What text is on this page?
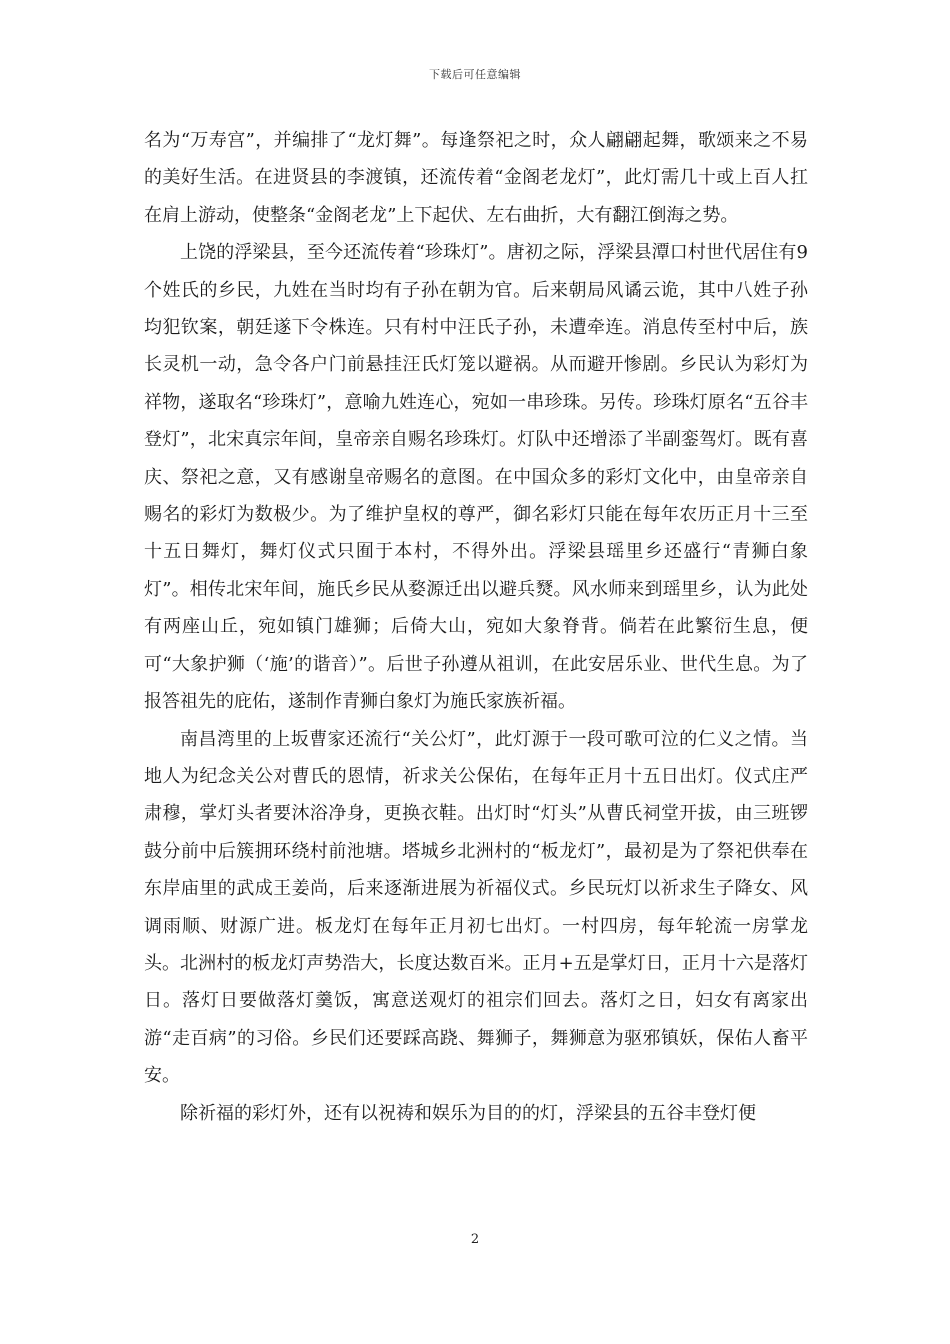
下载后可任意编辑

名为“万寿宫”，并编排了“龙灯舞”。每逢祭祀之时，众人翩翩起舞，歌颂来之不易的美好生活。在进贤县的李渡镇，还流传着“金阁老龙灯”，此灯需几十或上百人扛在肩上游动，使整条“金阁老龙”上下起伏、左右曲折，大有翻江倒海之势。

上饶的浮梁县，至今还流传着“珍珠灯”。唐初之际，浮梁县潭口村世代居住有9个姓氏的乡民，九姓在当时均有子孙在朝为官。后来朝局风谲云诡，其中八姓子孙均犯钦案，朝廷遂下令株连。只有村中汪氏子孙，未遭牵连。消息传至村中后，族长灵机一动，急令各户门前悬挂汪氏灯笼以避祸。从而避开惨剧。乡民认为彩灯为祥物，遂取名“珍珠灯”，意喻九姓连心，宛如一串珍珠。另传。珍珠灯原名“五谷丰登灯”，北宋真宗年间，皇帝亲自赐名珍珠灯。灯队中还增添了半副銮驾灯。既有喜庆、祭祀之意，又有感谢皇帝赐名的意图。在中国众多的彩灯文化中，由皇帝亲自赐名的彩灯为数极少。为了维护皇权的尊严，御名彩灯只能在每年农历正月十三至十五日舞灯，舞灯仪式只囿于本村，不得外出。浮梁县瑶里乡还盛行“青狮白象灯”。相传北宋年间，施氏乡民从婺源迁出以避兵燹。风水师来到瑶里乡，认为此处有两座山丘，宛如镇门雄狮；后倚大山，宛如大象脊背。倘若在此繁衍生息，便可“大象护狮（‘施’的谐音）”。后世子孙遵从祖训，在此安居乐业、世代生息。为了报答祖先的庇佑，遂制作青狮白象灯为施氏家族祈福。

南昌湾里的上坂曹家还流行“关公灯”，此灯源于一段可歌可泣的仁义之情。当地人为纪念关公对曹氏的恩情，祈求关公保佑，在每年正月十五日出灯。仪式庄严肃穆，掌灯头者要沐浴净身，更换衣鞋。出灯时“灯头”从曹氏祠堂开拔，由三班锣鼓分前中后簇拥环绕村前池塘。塔城乡北洲村的“板龙灯”，最初是为了祭祀供奉在东岸庙里的武成王姜尚，后来逐渐进展为祈福仪式。乡民玩灯以祈求生子降女、风调雨顺、财源广进。板龙灯在每年正月初七出灯。一村四房，每年轮流一房掌龙头。北洲村的板龙灯声势浩大，长度达数百米。正月+五是掌灯日，正月十六是落灯日。落灯日要做落灯羹饭，寓意送观灯的祖宗们回去。落灯之日，妇女有离家出游“走百病”的习俗。乡民们还要踩高跷、舞狮子，舞狮意为驱邪镇妖，保佑人畜平安。

除祈福的彩灯外，还有以祝祷和娱乐为目的的灯，浮梁县的五谷丰登灯便

2
